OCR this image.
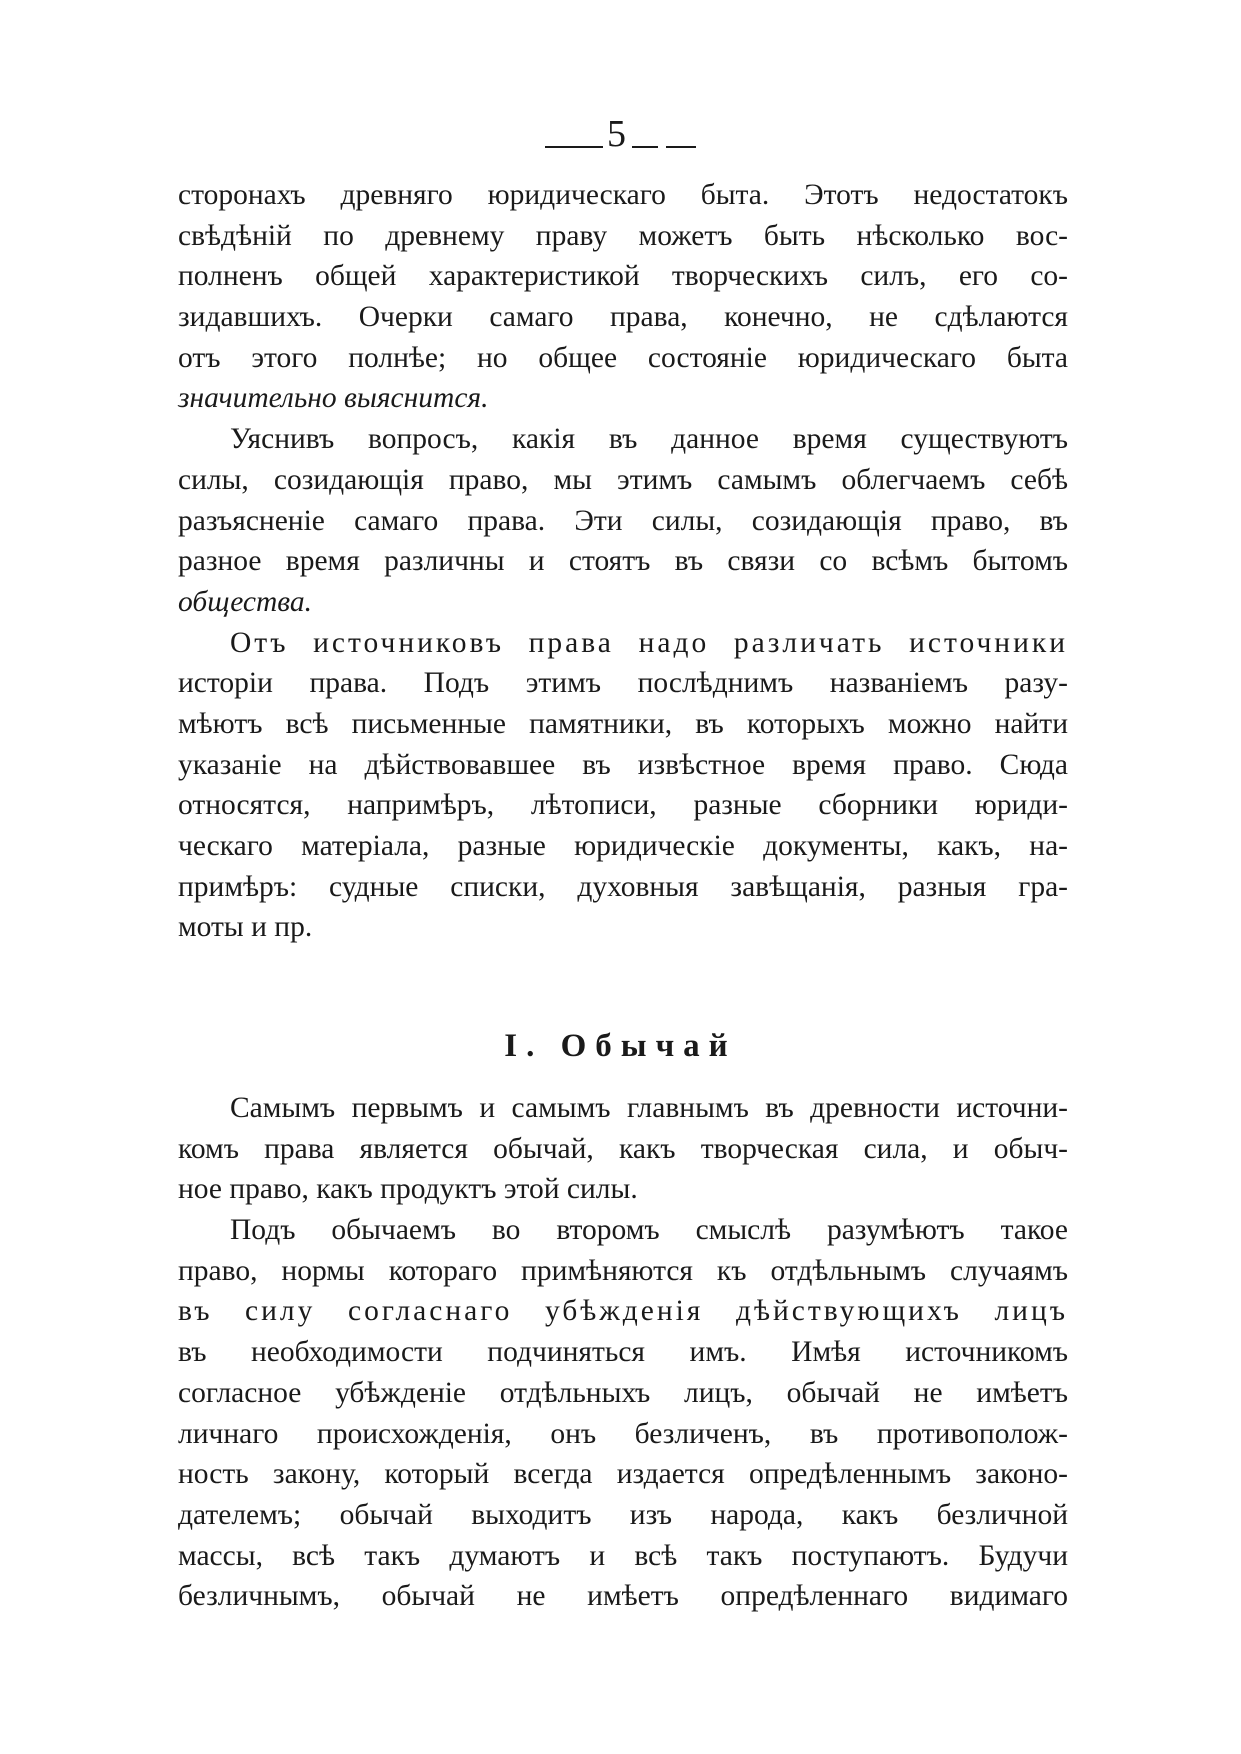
5
сторонахъ древняго юридическаго быта. Этотъ недостатокъ
свѣдѣній по древнему праву можетъ быть нѣсколько вос-
полненъ общей характеристикой творческихъ силъ, его со-
зидавшихъ. Очерки самаго права, конечно, не сдѣлаются
отъ этого полнѣе; но общее состояніе юридическаго быта
значительно выяснится.
Уяснивъ вопросъ, какія въ данное время существуютъ
силы, созидающія право, мы этимъ самымъ облегчаемъ себѣ
разъясненіе самаго права. Эти силы, созидающія право, въ
разное время различны и стоятъ въ связи со всѣмъ бытомъ
общества.
Отъ источниковъ права надо различать источники
исторіи права. Подъ этимъ послѣднимъ названіемъ разу-
мѣютъ всѣ письменные памятники, въ которыхъ можно найти
указаніе на дѣйствовавшее въ извѣстное время право. Сюда
относятся, напримѣръ, лѣтописи, разные сборники юриди-
ческаго матеріала, разные юридическіе документы, какъ, на-
примѣръ: судные списки, духовныя завѣщанія, разныя гра-
моты и пр.
I. Обычай
Самымъ первымъ и самымъ главнымъ въ древности источни-
комъ права является обычай, какъ творческая сила, и обыч-
ное право, какъ продуктъ этой силы.
Подъ обычаемъ во второмъ смыслѣ разумѣютъ такое
право, нормы котораго примѣняются къ отдѣльнымъ случаямъ
въ силу согласнаго убѣжденія дѣйствующихъ лицъ
въ необходимости подчиняться имъ. Имѣя источникомъ
согласное убѣжденіе отдѣльныхъ лицъ, обычай не имѣетъ
личнаго происхожденія, онъ безличенъ, въ противополож-
ность закону, который всегда издается опредѣленнымъ законо-
дателемъ; обычай выходитъ изъ народа, какъ безличной
массы, всѣ такъ думаютъ и всѣ такъ поступаютъ. Будучи
безличнымъ, обычай не имѣетъ опредѣленнаго видимаго
